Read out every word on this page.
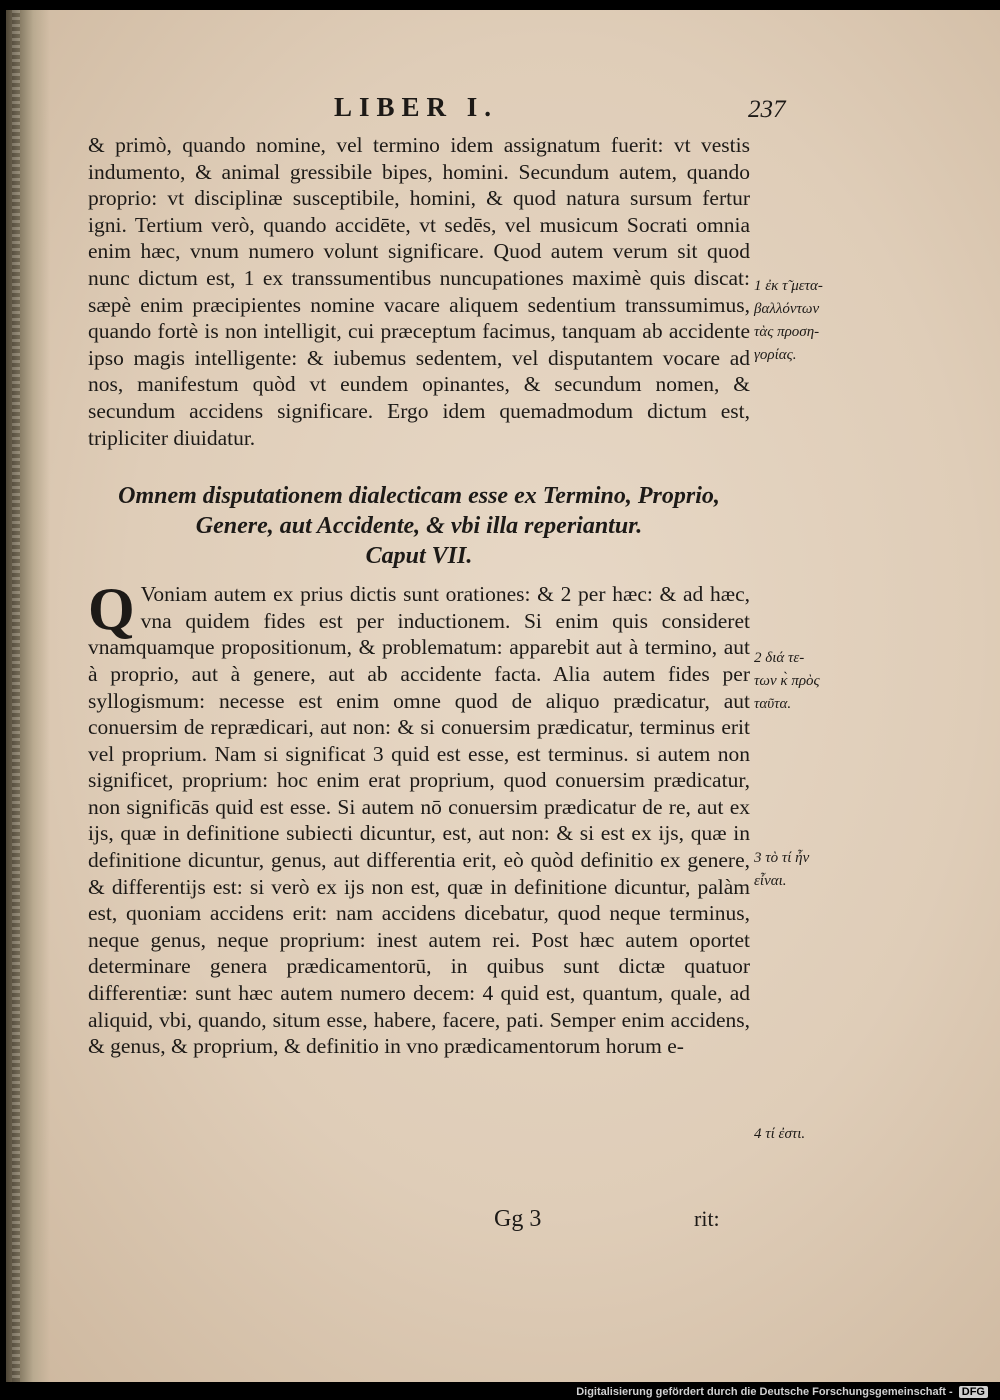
LIBER I.	237

& primò, quando nomine, vel termino idem assignatum fuerit: vt vestis indumento, & animal gressibile bipes, homini. Secundum autem, quando proprio: vt disciplinæ susceptibile, homini, & quod natura sursum fertur igni. Tertium verò, quando accidēte, vt sedēs, vel musicum Socrati omnia enim hæc, vnum numero volunt significare. Quod autem verum sit quod nunc dictum est, 1 ex transsumentibus nuncupationes maximè quis discat: sæpè enim præcipientes nomine vacare aliquem sedentium transsumimus, quando fortè is non intelligit, cui præceptum facimus, tanquam ab accidente ipso magis intelligente: & iubemus sedentem, vel disputantem vocare ad nos, manifestum quòd vt eundem opinantes, & secundum nomen, & secundum accidens significare. Ergo idem quemadmodum dictum est, tripliciter diuidatur.

Omnem disputationem dialecticam esse ex Termino, Proprio,
Genere, aut Accidente, & vbi illa reperiantur.
Caput VII.

Q Voniam autem ex prius dictis sunt orationes: & 2 per hæc: & ad hæc, vna quidem fides est per inductionem. Si enim quis consideret vnamquamque propositionum, & problematum: apparebit aut à termino, aut à proprio, aut à genere, aut ab accidente facta. Alia autem fides per syllogismum: necesse est enim omne quod de aliquo prædicatur, aut conuersim de reprædicari, aut non: & si conuersim prædicatur, terminus erit vel proprium. Nam si significat 3 quid est esse, est terminus. si autem non significet, proprium: hoc enim erat proprium, quod conuersim prædicatur, non significās quid est esse. Si autem nō conuersim prædicatur de re, aut ex ijs, quæ in definitione subiecti dicuntur, est, aut non: & si est ex ijs, quæ in definitione dicuntur, genus, aut differentia erit, eò quòd definitio ex genere, & differentijs est: si verò ex ijs non est, quæ in definitione dicuntur, palàm est, quoniam accidens erit: nam accidens dicebatur, quod neque terminus, neque genus, neque proprium: inest autem rei. Post hæc autem oportet determinare genera prædicamentorū, in quibus sunt dictæ quatuor differentiæ: sunt hæc autem numero decem: 4 quid est, quantum, quale, ad aliquid, vbi, quando, situm esse, habere, facere, pati. Semper enim accidens, & genus, & proprium, & definitio in vno prædicamentorum horum e-

1 ἐκ τ̃ μετα-
βαλλόντων
τὰς προση-
γορίας.
2 διά τε-
των κ̀ πρὸς
ταῦτα.
3 τὸ τί ἦν
εἶναι.
4 τί ἐστι.
Gg 3	rit:
Digitalisierung gefördert durch die Deutsche Forschungsgemeinschaft - DFG
